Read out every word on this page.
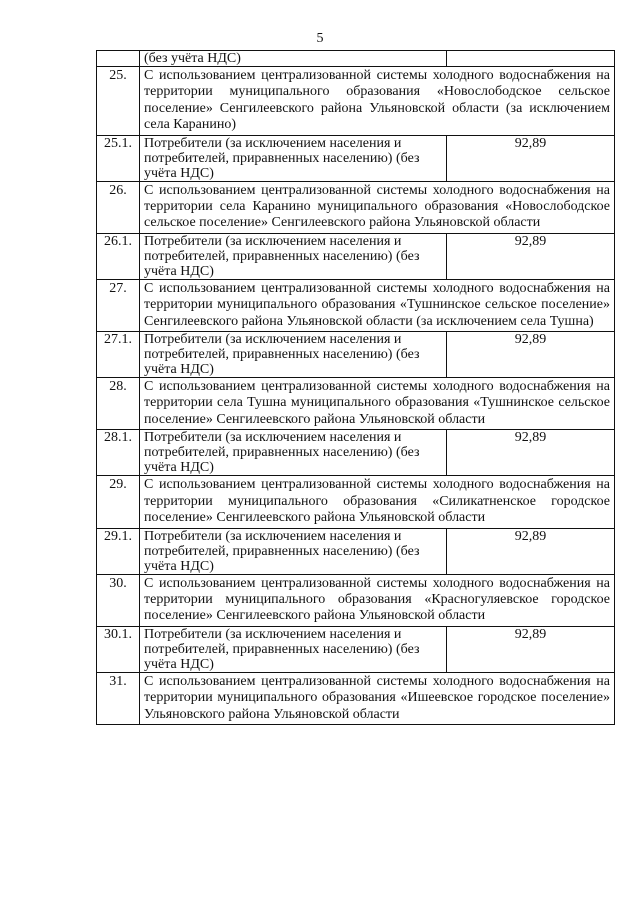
5
	(без учёта НДС)	
25.	С использованием централизованной системы холодного водоснабжения на территории муниципального образования «Новослободское сельское поселение» Сенгилеевского района Ульяновской области (за исключением села Каранино)	
25.1.	Потребители (за исключением населения и потребителей, приравненных населению) (без учёта НДС)	92,89
26.	С использованием централизованной системы холодного водоснабжения на территории села Каранино муниципального образования «Новослободское сельское поселение» Сенгилеевского района Ульяновской области	
26.1.	Потребители (за исключением населения и потребителей, приравненных населению) (без учёта НДС)	92,89
27.	С использованием централизованной системы холодного водоснабжения на территории муниципального образования «Тушнинское сельское поселение» Сенгилеевского района Ульяновской области (за исключением села Тушна)	
27.1.	Потребители (за исключением населения и потребителей, приравненных населению) (без учёта НДС)	92,89
28.	С использованием централизованной системы холодного водоснабжения на территории села Тушна муниципального образования «Тушнинское сельское поселение» Сенгилеевского района Ульяновской области	
28.1.	Потребители (за исключением населения и потребителей, приравненных населению) (без учёта НДС)	92,89
29.	С использованием централизованной системы холодного водоснабжения на территории муниципального образования «Силикатненское городское поселение» Сенгилеевского района Ульяновской области	
29.1.	Потребители (за исключением населения и потребителей, приравненных населению) (без учёта НДС)	92,89
30.	С использованием централизованной системы холодного водоснабжения на территории муниципального образования «Красногуляевское городское поселение» Сенгилеевского района Ульяновской области	
30.1.	Потребители (за исключением населения и потребителей, приравненных населению) (без учёта НДС)	92,89
31.	С использованием централизованной системы холодного водоснабжения на территории муниципального образования «Ишеевское городское поселение» Ульяновского района Ульяновской области	
